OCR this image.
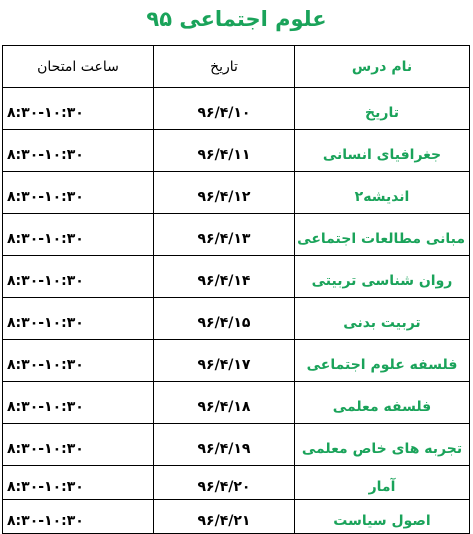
علوم اجتماعی ۹۵
نام درس	تاریخ	ساعت امتحان

تاریخ	۹۶/۴/۱۰	۸:۳۰-۱۰:۳۰

جغرافیای انسانی	۹۶/۴/۱۱	۸:۳۰-۱۰:۳۰

اندیشه۲	۹۶/۴/۱۲	۸:۳۰-۱۰:۳۰

مبانی مطالعات اجتماعی	۹۶/۴/۱۳	۸:۳۰-۱۰:۳۰

روان شناسی تربیتی	۹۶/۴/۱۴	۸:۳۰-۱۰:۳۰

تربیت بدنی	۹۶/۴/۱۵	۸:۳۰-۱۰:۳۰

فلسفه علوم اجتماعی	۹۶/۴/۱۷	۸:۳۰-۱۰:۳۰

فلسفه معلمی	۹۶/۴/۱۸	۸:۳۰-۱۰:۳۰

تجربه های خاص معلمی	۹۶/۴/۱۹	۸:۳۰-۱۰:۳۰

آمار	۹۶/۴/۲۰	۸:۳۰-۱۰:۳۰

اصول سیاست	۹۶/۴/۲۱	۸:۳۰-۱۰:۳۰
